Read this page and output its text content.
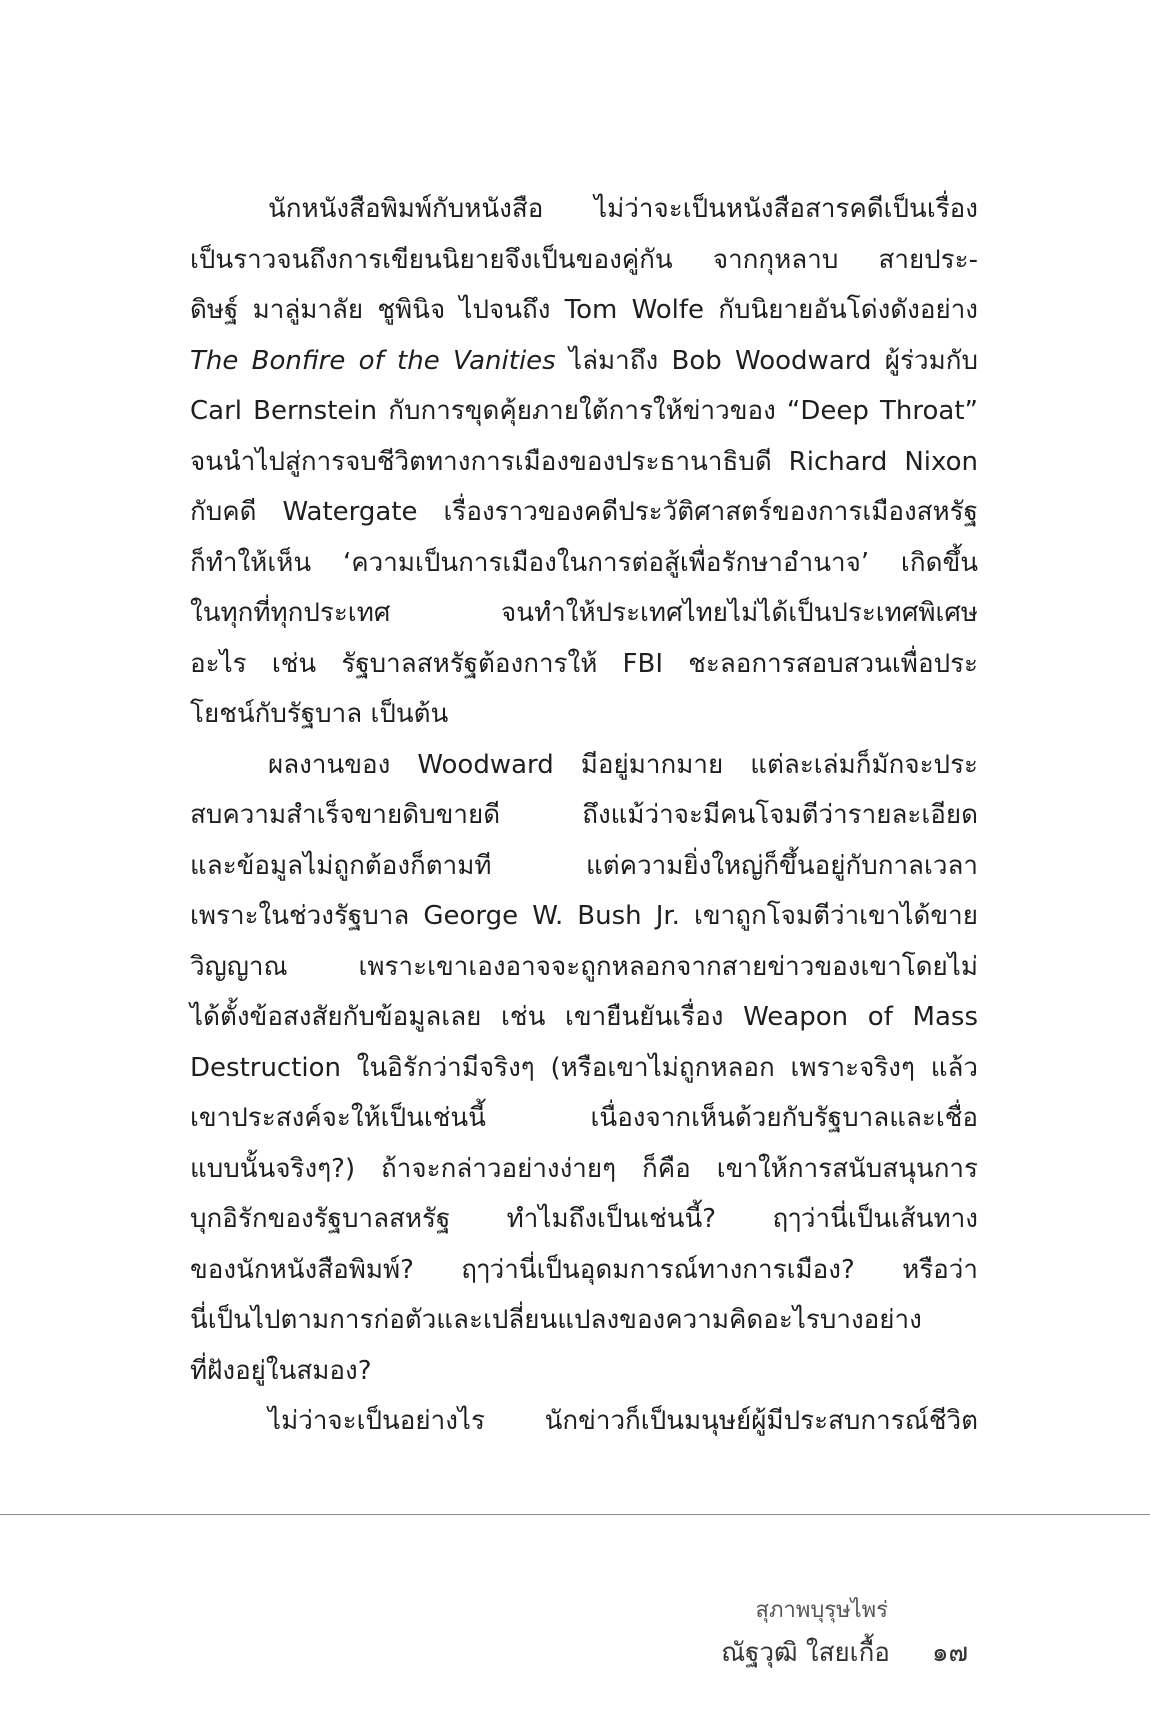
นักหนังสือพิมพ์กับหนังสือ ไม่ว่าจะเป็นหนังสือสารคดีเป็นเรื่อง
เป็นราวจนถึงการเขียนนิยายจึงเป็นของคู่กัน จากกุหลาบ สายประ-
ดิษฐ์ มาลู่มาลัย ชูพินิจ ไปจนถึง Tom Wolfe กับนิยายอันโด่งดังอย่าง
The Bonfire of the Vanities ไล่มาถึง Bob Woodward ผู้ร่วมกับ
Carl Bernstein กับการขุดคุ้ยภายใต้การให้ข่าวของ “Deep Throat”
จนนำไปสู่การจบชีวิตทางการเมืองของประธานาธิบดี Richard Nixon
กับคดี Watergate เรื่องราวของคดีประวัติศาสตร์ของการเมืองสหรัฐ
ก็ทำให้เห็น ‘ความเป็นการเมืองในการต่อสู้เพื่อรักษาอำนาจ’ เกิดขึ้น
ในทุกที่ทุกประเทศ จนทำให้ประเทศไทยไม่ได้เป็นประเทศพิเศษ
อะไร เช่น รัฐบาลสหรัฐต้องการให้ FBI ชะลอการสอบสวนเพื่อประ
โยชน์กับรัฐบาล เป็นต้น
ผลงานของ Woodward มีอยู่มากมาย แต่ละเล่มก็มักจะประ
สบความสำเร็จขายดิบขายดี ถึงแม้ว่าจะมีคนโจมตีว่ารายละเอียด
และข้อมูลไม่ถูกต้องก็ตามที แต่ความยิ่งใหญ่ก็ขึ้นอยู่กับกาลเวลา
เพราะในช่วงรัฐบาล George W. Bush Jr. เขาถูกโจมตีว่าเขาได้ขาย
วิญญาณ เพราะเขาเองอาจจะถูกหลอกจากสายข่าวของเขาโดยไม่
ได้ตั้งข้อสงสัยกับข้อมูลเลย เช่น เขายืนยันเรื่อง Weapon of Mass
Destruction ในอิรักว่ามีจริงๆ (หรือเขาไม่ถูกหลอก เพราะจริงๆ แล้ว
เขาประสงค์จะให้เป็นเช่นนี้ เนื่องจากเห็นด้วยกับรัฐบาลและเชื่อ
แบบนั้นจริงๆ?) ถ้าจะกล่าวอย่างง่ายๆ ก็คือ เขาให้การสนับสนุนการ
บุกอิรักของรัฐบาลสหรัฐ ทำไมถึงเป็นเช่นนี้? ฤๅว่านี่เป็นเส้นทาง
ของนักหนังสือพิมพ์? ฤๅว่านี่เป็นอุดมการณ์ทางการเมือง? หรือว่า
นี่เป็นไปตามการก่อตัวและเปลี่ยนแปลงของความคิดอะไรบางอย่าง
ที่ฝังอยู่ในสมอง?
ไม่ว่าจะเป็นอย่างไร นักข่าวก็เป็นมนุษย์ผู้มีประสบการณ์ชีวิต
สุภาพบุรุษไพร่
ณัฐวุฒิ ใสยเกื้อ ๑๗
